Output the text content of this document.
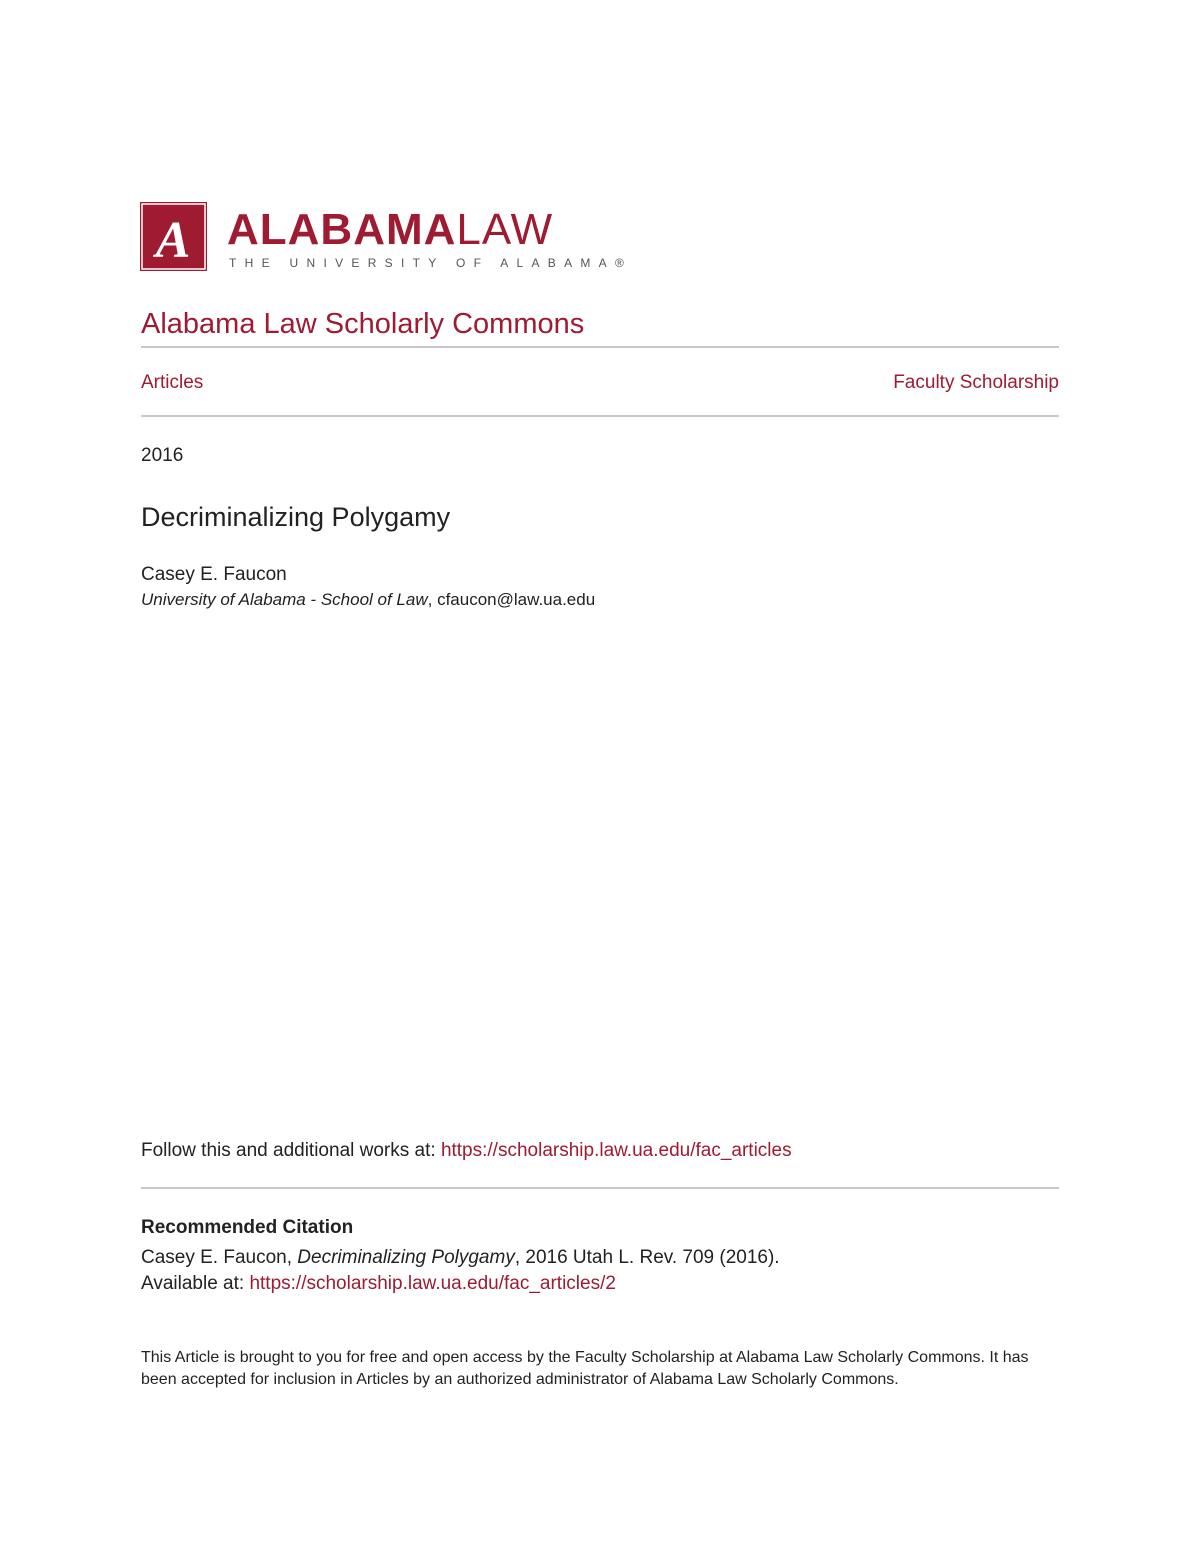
A ALABAMALAW
THE UNIVERSITY OF ALABAMA®
Alabama Law Scholarly Commons
Articles	Faculty Scholarship
2016
Decriminalizing Polygamy
Casey E. Faucon
University of Alabama - School of Law, cfaucon@law.ua.edu
Follow this and additional works at: https://scholarship.law.ua.edu/fac_articles
Recommended Citation
Casey E. Faucon, Decriminalizing Polygamy, 2016 Utah L. Rev. 709 (2016).
Available at: https://scholarship.law.ua.edu/fac_articles/2
This Article is brought to you for free and open access by the Faculty Scholarship at Alabama Law Scholarly Commons. It has been accepted for inclusion in Articles by an authorized administrator of Alabama Law Scholarly Commons.
